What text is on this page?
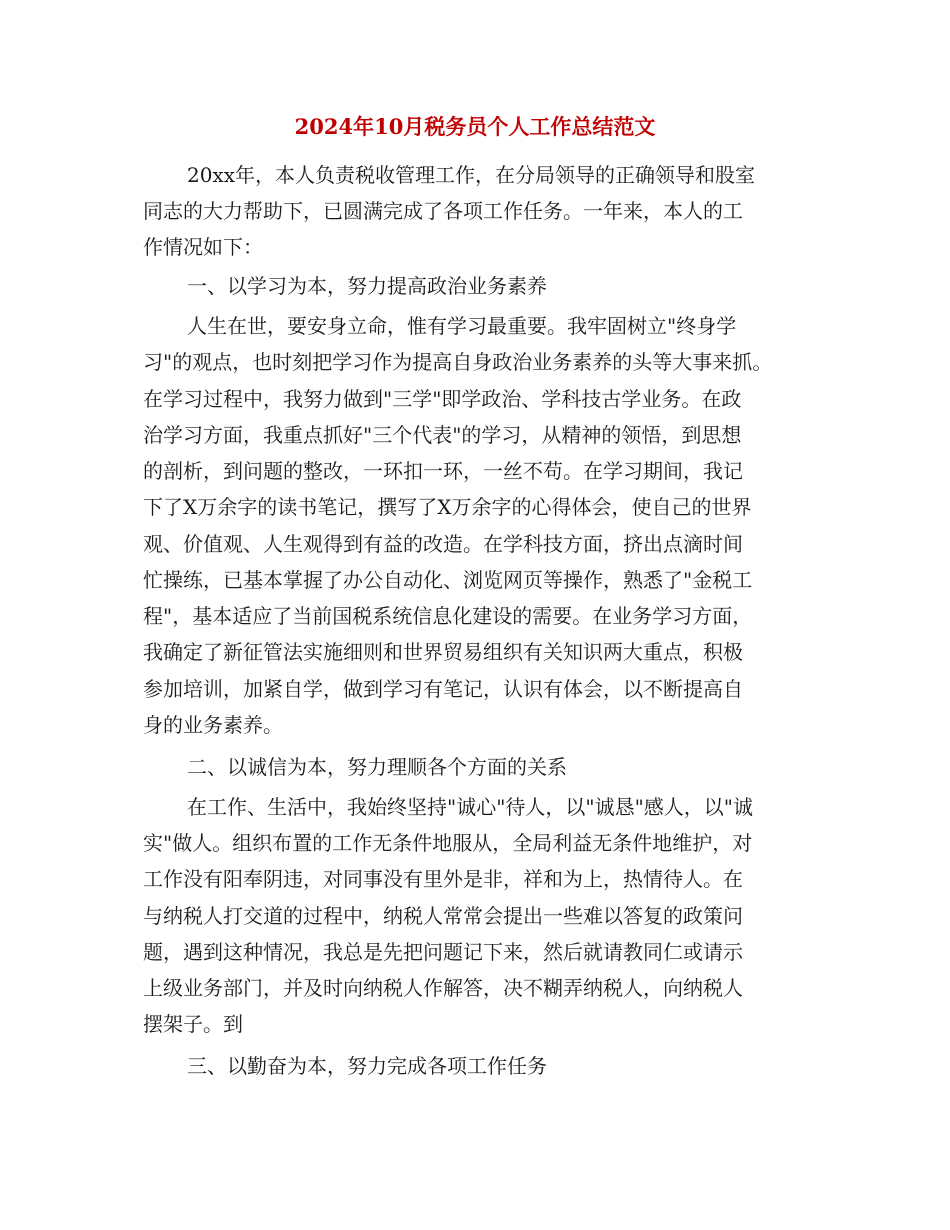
2024年10月税务员个人工作总结范文
20xx年，本人负责税收管理工作，在分局领导的正确领导和股室
同志的大力帮助下，已圆满完成了各项工作任务。一年来，本人的工
作情况如下：
一、以学习为本，努力提高政治业务素养
人生在世，要安身立命，惟有学习最重要。我牢固树立"终身学
习"的观点，也时刻把学习作为提高自身政治业务素养的头等大事来抓。
在学习过程中，我努力做到"三学"即学政治、学科技古学业务。在政
治学习方面，我重点抓好"三个代表"的学习，从精神的领悟，到思想
的剖析，到问题的整改，一环扣一环，一丝不苟。在学习期间，我记
下了X万余字的读书笔记，撰写了X万余字的心得体会，使自己的世界
观、价值观、人生观得到有益的改造。在学科技方面，挤出点滴时间
忙操练，已基本掌握了办公自动化、浏览网页等操作，熟悉了"金税工
程"，基本适应了当前国税系统信息化建设的需要。在业务学习方面，
我确定了新征管法实施细则和世界贸易组织有关知识两大重点，积极
参加培训，加紧自学，做到学习有笔记，认识有体会，以不断提高自
身的业务素养。
二、以诚信为本，努力理顺各个方面的关系
在工作、生活中，我始终坚持"诚心"待人，以"诚恳"感人，以"诚
实"做人。组织布置的工作无条件地服从，全局利益无条件地维护，对
工作没有阳奉阴违，对同事没有里外是非，祥和为上，热情待人。在
与纳税人打交道的过程中，纳税人常常会提出一些难以答复的政策问
题，遇到这种情况，我总是先把问题记下来，然后就请教同仁或请示
上级业务部门，并及时向纳税人作解答，决不糊弄纳税人，向纳税人
摆架子。到
三、以勤奋为本，努力完成各项工作任务
